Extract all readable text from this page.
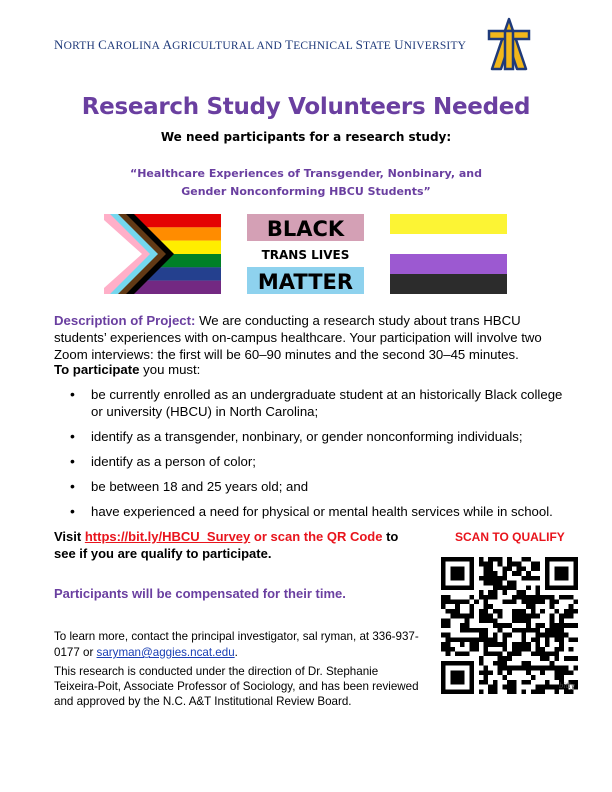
NORTH CAROLINA AGRICULTURAL AND TECHNICAL STATE UNIVERSITY
Research Study Volunteers Needed
We need participants for a research study:
“Healthcare Experiences of Transgender, Nonbinary, and
Gender Nonconforming HBCU Students”
BLACK
TRANS LIVES
MATTER
Description of Project: We are conducting a research study about trans HBCU students’ experiences with on-campus healthcare. Your participation will involve two Zoom interviews: the first will be 60–90 minutes and the second 30–45 minutes.
To participate you must:
• be currently enrolled as an undergraduate student at an historically Black college or university (HBCU) in North Carolina;
• identify as a transgender, nonbinary, or gender nonconforming individuals;
• identify as a person of color;
• be between 18 and 25 years old; and
• have experienced a need for physical or mental health services while in school.
Visit https://bit.ly/HBCU_Survey or scan the QR Code to see if you are qualify to participate.
SCAN TO QUALIFY
Participants will be compensated for their time.
To learn more, contact the principal investigator, sal ryman, at 336-937-0177 or saryman@aggies.ncat.edu.
This research is conducted under the direction of Dr. Stephanie Teixeira-Poit, Associate Professor of Sociology, and has been reviewed and approved by the N.C. A&T Institutional Review Board.
bitly
